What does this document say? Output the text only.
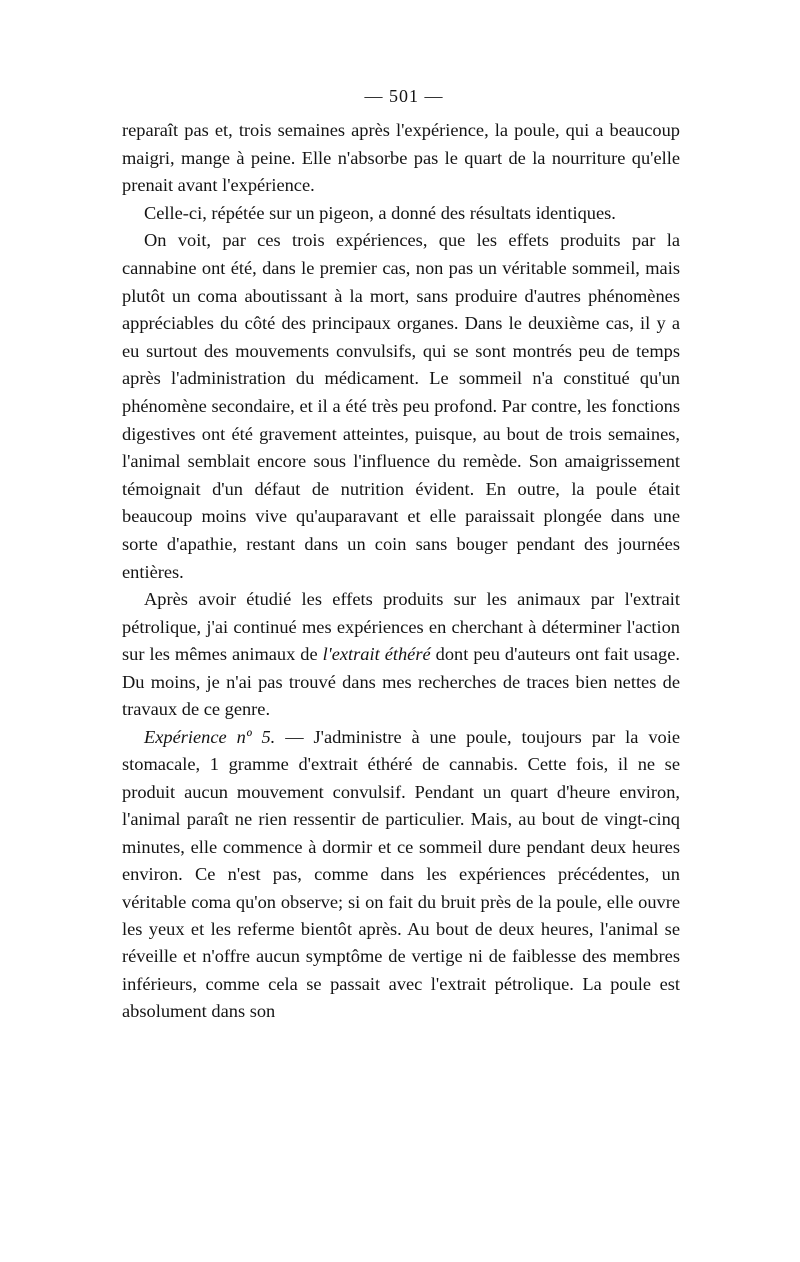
— 501 —

reparaît pas et, trois semaines après l'expérience, la poule, qui a beaucoup maigri, mange à peine. Elle n'absorbe pas le quart de la nourriture qu'elle prenait avant l'expérience.

Celle-ci, répétée sur un pigeon, a donné des résultats identiques.

On voit, par ces trois expériences, que les effets produits par la cannabine ont été, dans le premier cas, non pas un véritable sommeil, mais plutôt un coma aboutissant à la mort, sans produire d'autres phénomènes appréciables du côté des principaux organes. Dans le deuxième cas, il y a eu surtout des mouvements convulsifs, qui se sont montrés peu de temps après l'administration du médicament. Le sommeil n'a constitué qu'un phénomène secondaire, et il a été très peu profond. Par contre, les fonctions digestives ont été gravement atteintes, puisque, au bout de trois semaines, l'animal semblait encore sous l'influence du remède. Son amaigrissement témoignait d'un défaut de nutrition évident. En outre, la poule était beaucoup moins vive qu'auparavant et elle paraissait plongée dans une sorte d'apathie, restant dans un coin sans bouger pendant des journées entières.

Après avoir étudié les effets produits sur les animaux par l'extrait pétrolique, j'ai continué mes expériences en cherchant à déterminer l'action sur les mêmes animaux de l'extrait éthéré dont peu d'auteurs ont fait usage. Du moins, je n'ai pas trouvé dans mes recherches de traces bien nettes de travaux de ce genre.

Expérience nº 5. — J'administre à une poule, toujours par la voie stomacale, 1 gramme d'extrait éthéré de cannabis. Cette fois, il ne se produit aucun mouvement convulsif. Pendant un quart d'heure environ, l'animal paraît ne rien ressentir de particulier. Mais, au bout de vingt-cinq minutes, elle commence à dormir et ce sommeil dure pendant deux heures environ. Ce n'est pas, comme dans les expériences précédentes, un véritable coma qu'on observe; si on fait du bruit près de la poule, elle ouvre les yeux et les referme bientôt après. Au bout de deux heures, l'animal se réveille et n'offre aucun symptôme de vertige ni de faiblesse des membres inférieurs, comme cela se passait avec l'extrait pétrolique. La poule est absolument dans son
